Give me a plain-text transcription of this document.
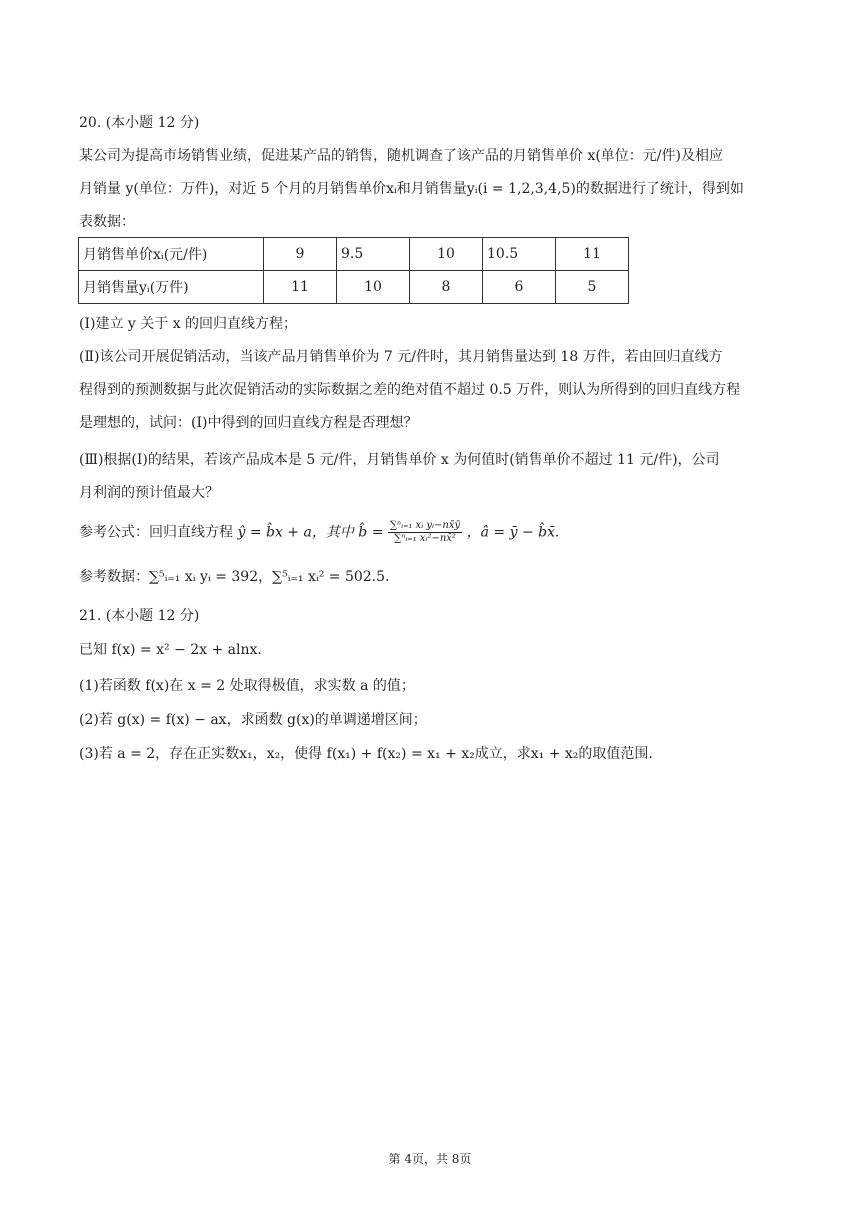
20. (本小题 12 分)
某公司为提高市场销售业绩，促进某产品的销售，随机调查了该产品的月销售单价 x(单位：元/件)及相应
月销量 y(单位：万件)，对近 5 个月的月销售单价xᵢ和月销售量yᵢ(i = 1,2,3,4,5)的数据进行了统计，得到如
表数据：
月销售单价xᵢ(元/件)	9	9.5	10	10.5	11
月销售量yᵢ(万件)	11	10	8	6	5
(Ⅰ)建立 y 关于 x 的回归直线方程；
(Ⅱ)该公司开展促销活动，当该产品月销售单价为 7 元/件时，其月销售量达到 18 万件，若由回归直线方
程得到的预测数据与此次促销活动的实际数据之差的绝对值不超过 0.5 万件，则认为所得到的回归直线方程
是理想的，试问：(Ⅰ)中得到的回归直线方程是否理想？
(Ⅲ)根据(Ⅰ)的结果，若该产品成本是 5 元/件，月销售单价 x 为何值时(销售单价不超过 11 元/件)，公司
月利润的预计值最大？
参考公式：回归直线方程 ŷ = b̂x + a，其中 b̂ = $\frac{\text{∑ⁿᵢ₌₁ xᵢ yᵢ−nx̄ȳ}}{\text{∑ⁿᵢ₌₁ xᵢ²−nx̄²}}$ ，â = ȳ − b̂x̄.
参考数据：∑⁵ᵢ₌₁ xᵢ yᵢ = 392，∑⁵ᵢ₌₁ xᵢ² = 502.5.
21. (本小题 12 分)
已知 f(x) = x² − 2x + alnx.
(1)若函数 f(x)在 x = 2 处取得极值，求实数 a 的值；
(2)若 g(x) = f(x) − ax，求函数 g(x)的单调递增区间；
(3)若 a = 2，存在正实数x₁，x₂，使得 f(x₁) + f(x₂) = x₁ + x₂成立，求x₁ + x₂的取值范围.
第 4页，共 8页
